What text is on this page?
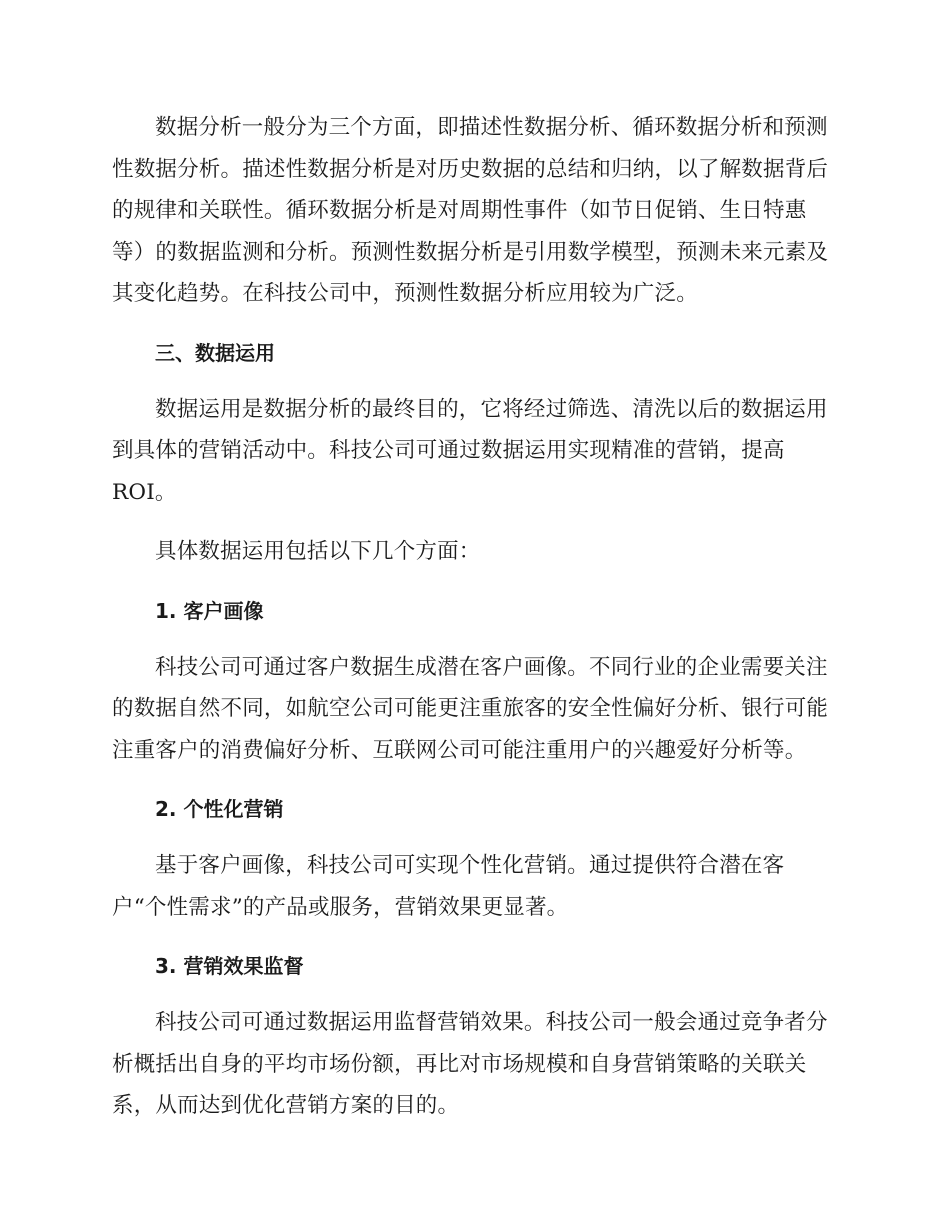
数据分析一般分为三个方面，即描述性数据分析、循环数据分析和预测
性数据分析。描述性数据分析是对历史数据的总结和归纳，以了解数据背后
的规律和关联性。循环数据分析是对周期性事件（如节日促销、生日特惠
等）的数据监测和分析。预测性数据分析是引用数学模型，预测未来元素及
其变化趋势。在科技公司中，预测性数据分析应用较为广泛。

三、数据运用

数据运用是数据分析的最终目的，它将经过筛选、清洗以后的数据运用
到具体的营销活动中。科技公司可通过数据运用实现精准的营销，提高
ROI。

具体数据运用包括以下几个方面：

1. 客户画像

科技公司可通过客户数据生成潜在客户画像。不同行业的企业需要关注
的数据自然不同，如航空公司可能更注重旅客的安全性偏好分析、银行可能
注重客户的消费偏好分析、互联网公司可能注重用户的兴趣爱好分析等。

2. 个性化营销

基于客户画像，科技公司可实现个性化营销。通过提供符合潜在客
户“个性需求”的产品或服务，营销效果更显著。

3. 营销效果监督

科技公司可通过数据运用监督营销效果。科技公司一般会通过竞争者分
析概括出自身的平均市场份额，再比对市场规模和自身营销策略的关联关
系，从而达到优化营销方案的目的。
